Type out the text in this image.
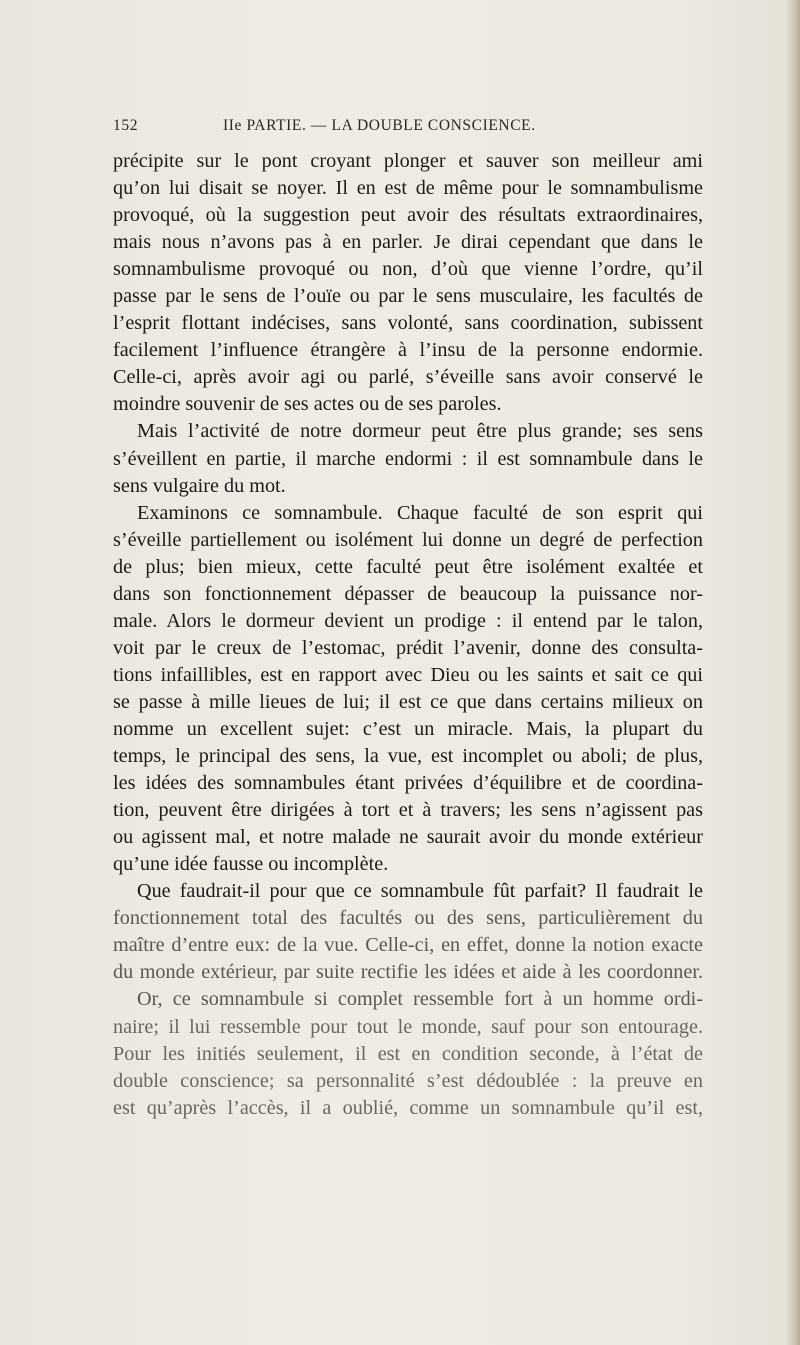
152	IIe PARTIE. — LA DOUBLE CONSCIENCE.
précipite sur le pont croyant plonger et sauver son meilleur ami
qu’on lui disait se noyer. Il en est de même pour le somnambulisme
provoqué, où la suggestion peut avoir des résultats extraordinaires,
mais nous n’avons pas à en parler. Je dirai cependant que dans le
somnambulisme provoqué ou non, d’où que vienne l’ordre, qu’il
passe par le sens de l’ouïe ou par le sens musculaire, les facultés de
l’esprit flottant indécises, sans volonté, sans coordination, subissent
facilement l’influence étrangère à l’insu de la personne endormie.
Celle-ci, après avoir agi ou parlé, s’éveille sans avoir conservé le
moindre souvenir de ses actes ou de ses paroles.
Mais l’activité de notre dormeur peut être plus grande; ses sens
s’éveillent en partie, il marche endormi : il est somnambule dans le
sens vulgaire du mot.
Examinons ce somnambule. Chaque faculté de son esprit qui
s’éveille partiellement ou isolément lui donne un degré de perfection
de plus; bien mieux, cette faculté peut être isolément exaltée et
dans son fonctionnement dépasser de beaucoup la puissance nor-
male. Alors le dormeur devient un prodige : il entend par le talon,
voit par le creux de l’estomac, prédit l’avenir, donne des consulta-
tions infaillibles, est en rapport avec Dieu ou les saints et sait ce qui
se passe à mille lieues de lui; il est ce que dans certains milieux on
nomme un excellent sujet: c’est un miracle. Mais, la plupart du
temps, le principal des sens, la vue, est incomplet ou aboli; de plus,
les idées des somnambules étant privées d’équilibre et de coordina-
tion, peuvent être dirigées à tort et à travers; les sens n’agissent pas
ou agissent mal, et notre malade ne saurait avoir du monde extérieur
qu’une idée fausse ou incomplète.
Que faudrait-il pour que ce somnambule fût parfait? Il faudrait le
fonctionnement total des facultés ou des sens, particulièrement du
maître d’entre eux: de la vue. Celle-ci, en effet, donne la notion exacte
du monde extérieur, par suite rectifie les idées et aide à les coordonner.
Or, ce somnambule si complet ressemble fort à un homme ordi-
naire; il lui ressemble pour tout le monde, sauf pour son entourage.
Pour les initiés seulement, il est en condition seconde, à l’état de
double conscience; sa personnalité s’est dédoublée : la preuve en
est qu’après l’accès, il a oublié, comme un somnambule qu’il est,
